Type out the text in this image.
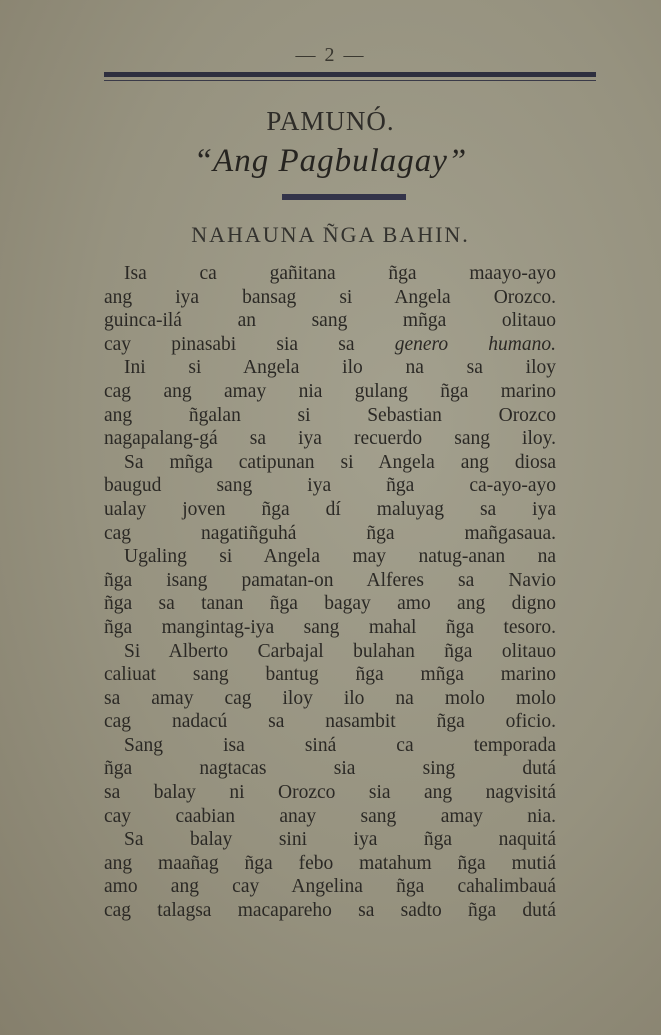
— 2 —
PAMUNÓ.
“Ang Pagbulagay”
NAHAUNA ÑGA BAHIN.
Isa ca gañitana ñga maayo-ayo
ang iya bansag si Angela Orozco.
guinca-ilá an sang mñga olitauo
cay pinasabi sia sa genero humano.
Ini si Angela ilo na sa iloy
cag ang amay nia gulang ñga marino
ang ñgalan si Sebastian Orozco
nagapalang-gá sa iya recuerdo sang iloy.
Sa mñga catipunan si Angela ang diosa
baugud sang iya ñga ca-ayo-ayo
ualay joven ñga dí maluyag sa iya
cag nagatiñguhá ñga mañgasaua.
Ugaling si Angela may natug-anan na
ñga isang pamatan-on Alferes sa Navio
ñga sa tanan ñga bagay amo ang digno
ñga mangintag-iya sang mahal ñga tesoro.
Si Alberto Carbajal bulahan ñga olitauo
caliuat sang bantug ñga mñga marino
sa amay cag iloy ilo na molo molo
cag nadacú sa nasambit ñga oficio.
Sang isa siná ca temporada
ñga nagtacas sia sing dutá
sa balay ni Orozco sia ang nagvisitá
cay caabian anay sang amay nia.
Sa balay sini iya ñga naquitá
ang maañag ñga febo matahum ñga mutiá
amo ang cay Angelina ñga cahalimbauá
cag talagsa macapareho sa sadto ñga dutá
